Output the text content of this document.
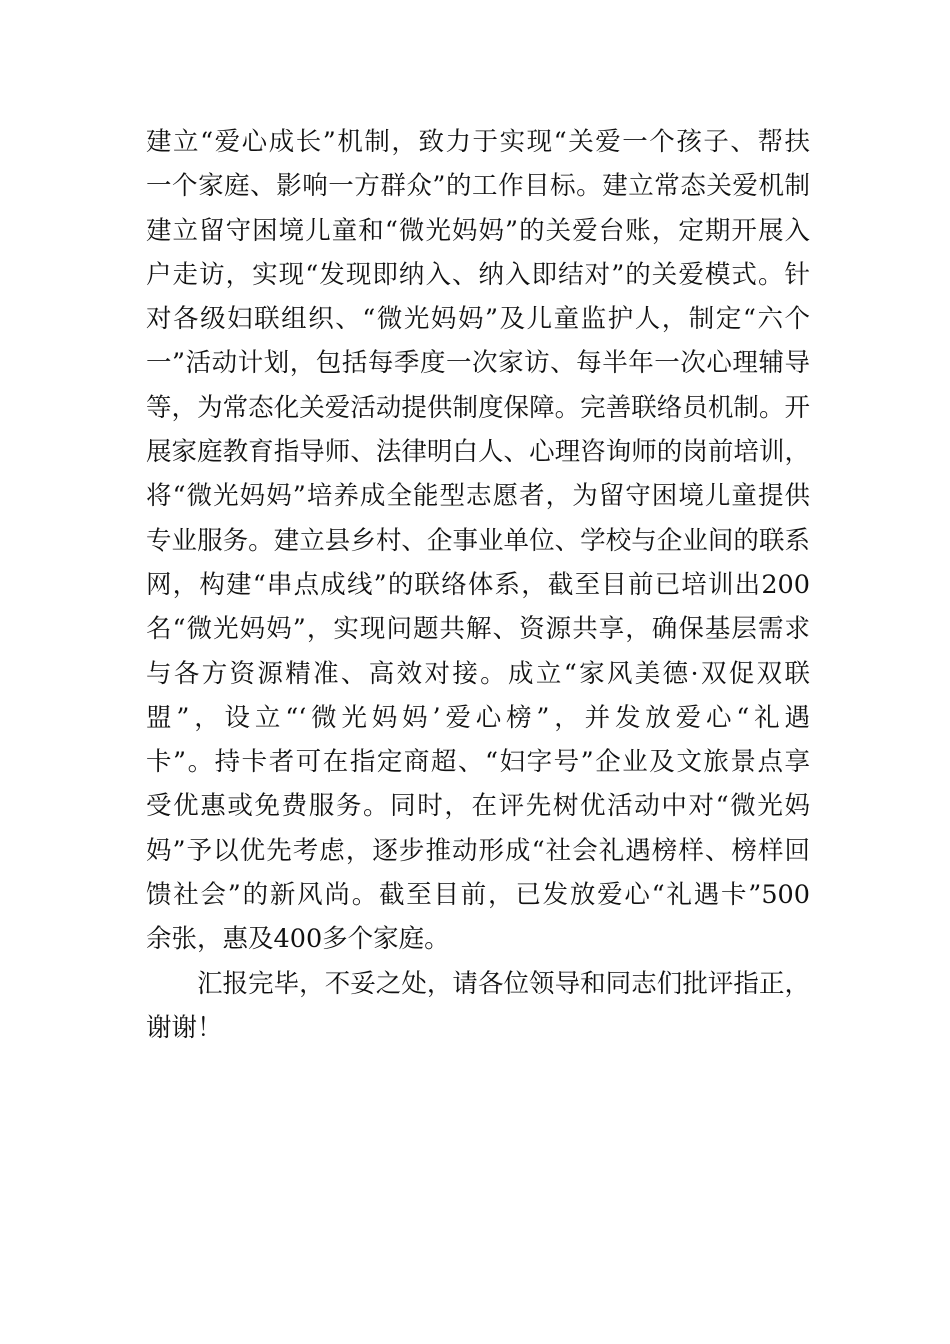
建立“爱心成长”机制，致力于实现“关爱一个孩子、帮扶
一个家庭、影响一方群众”的工作目标。建立常态关爱机制
建立留守困境儿童和“微光妈妈”的关爱台账，定期开展入
户走访，实现“发现即纳入、纳入即结对”的关爱模式。针
对各级妇联组织、“微光妈妈”及儿童监护人，制定“六个
一”活动计划，包括每季度一次家访、每半年一次心理辅导
等，为常态化关爱活动提供制度保障。完善联络员机制。开
展家庭教育指导师、法律明白人、心理咨询师的岗前培训，
将“微光妈妈”培养成全能型志愿者，为留守困境儿童提供
专业服务。建立县乡村、企事业单位、学校与企业间的联系
网，构建“串点成线”的联络体系，截至目前已培训出200
名“微光妈妈”，实现问题共解、资源共享，确保基层需求
与各方资源精准、高效对接。成立“家风美德·双促双联
盟”，设立“‘微光妈妈’爱心榜”，并发放爱心“礼遇
卡”。持卡者可在指定商超、“妇字号”企业及文旅景点享
受优惠或免费服务。同时，在评先树优活动中对“微光妈
妈”予以优先考虑，逐步推动形成“社会礼遇榜样、榜样回
馈社会”的新风尚。截至目前，已发放爱心“礼遇卡”500
余张，惠及400多个家庭。
汇报完毕，不妥之处，请各位领导和同志们批评指正，
谢谢！
